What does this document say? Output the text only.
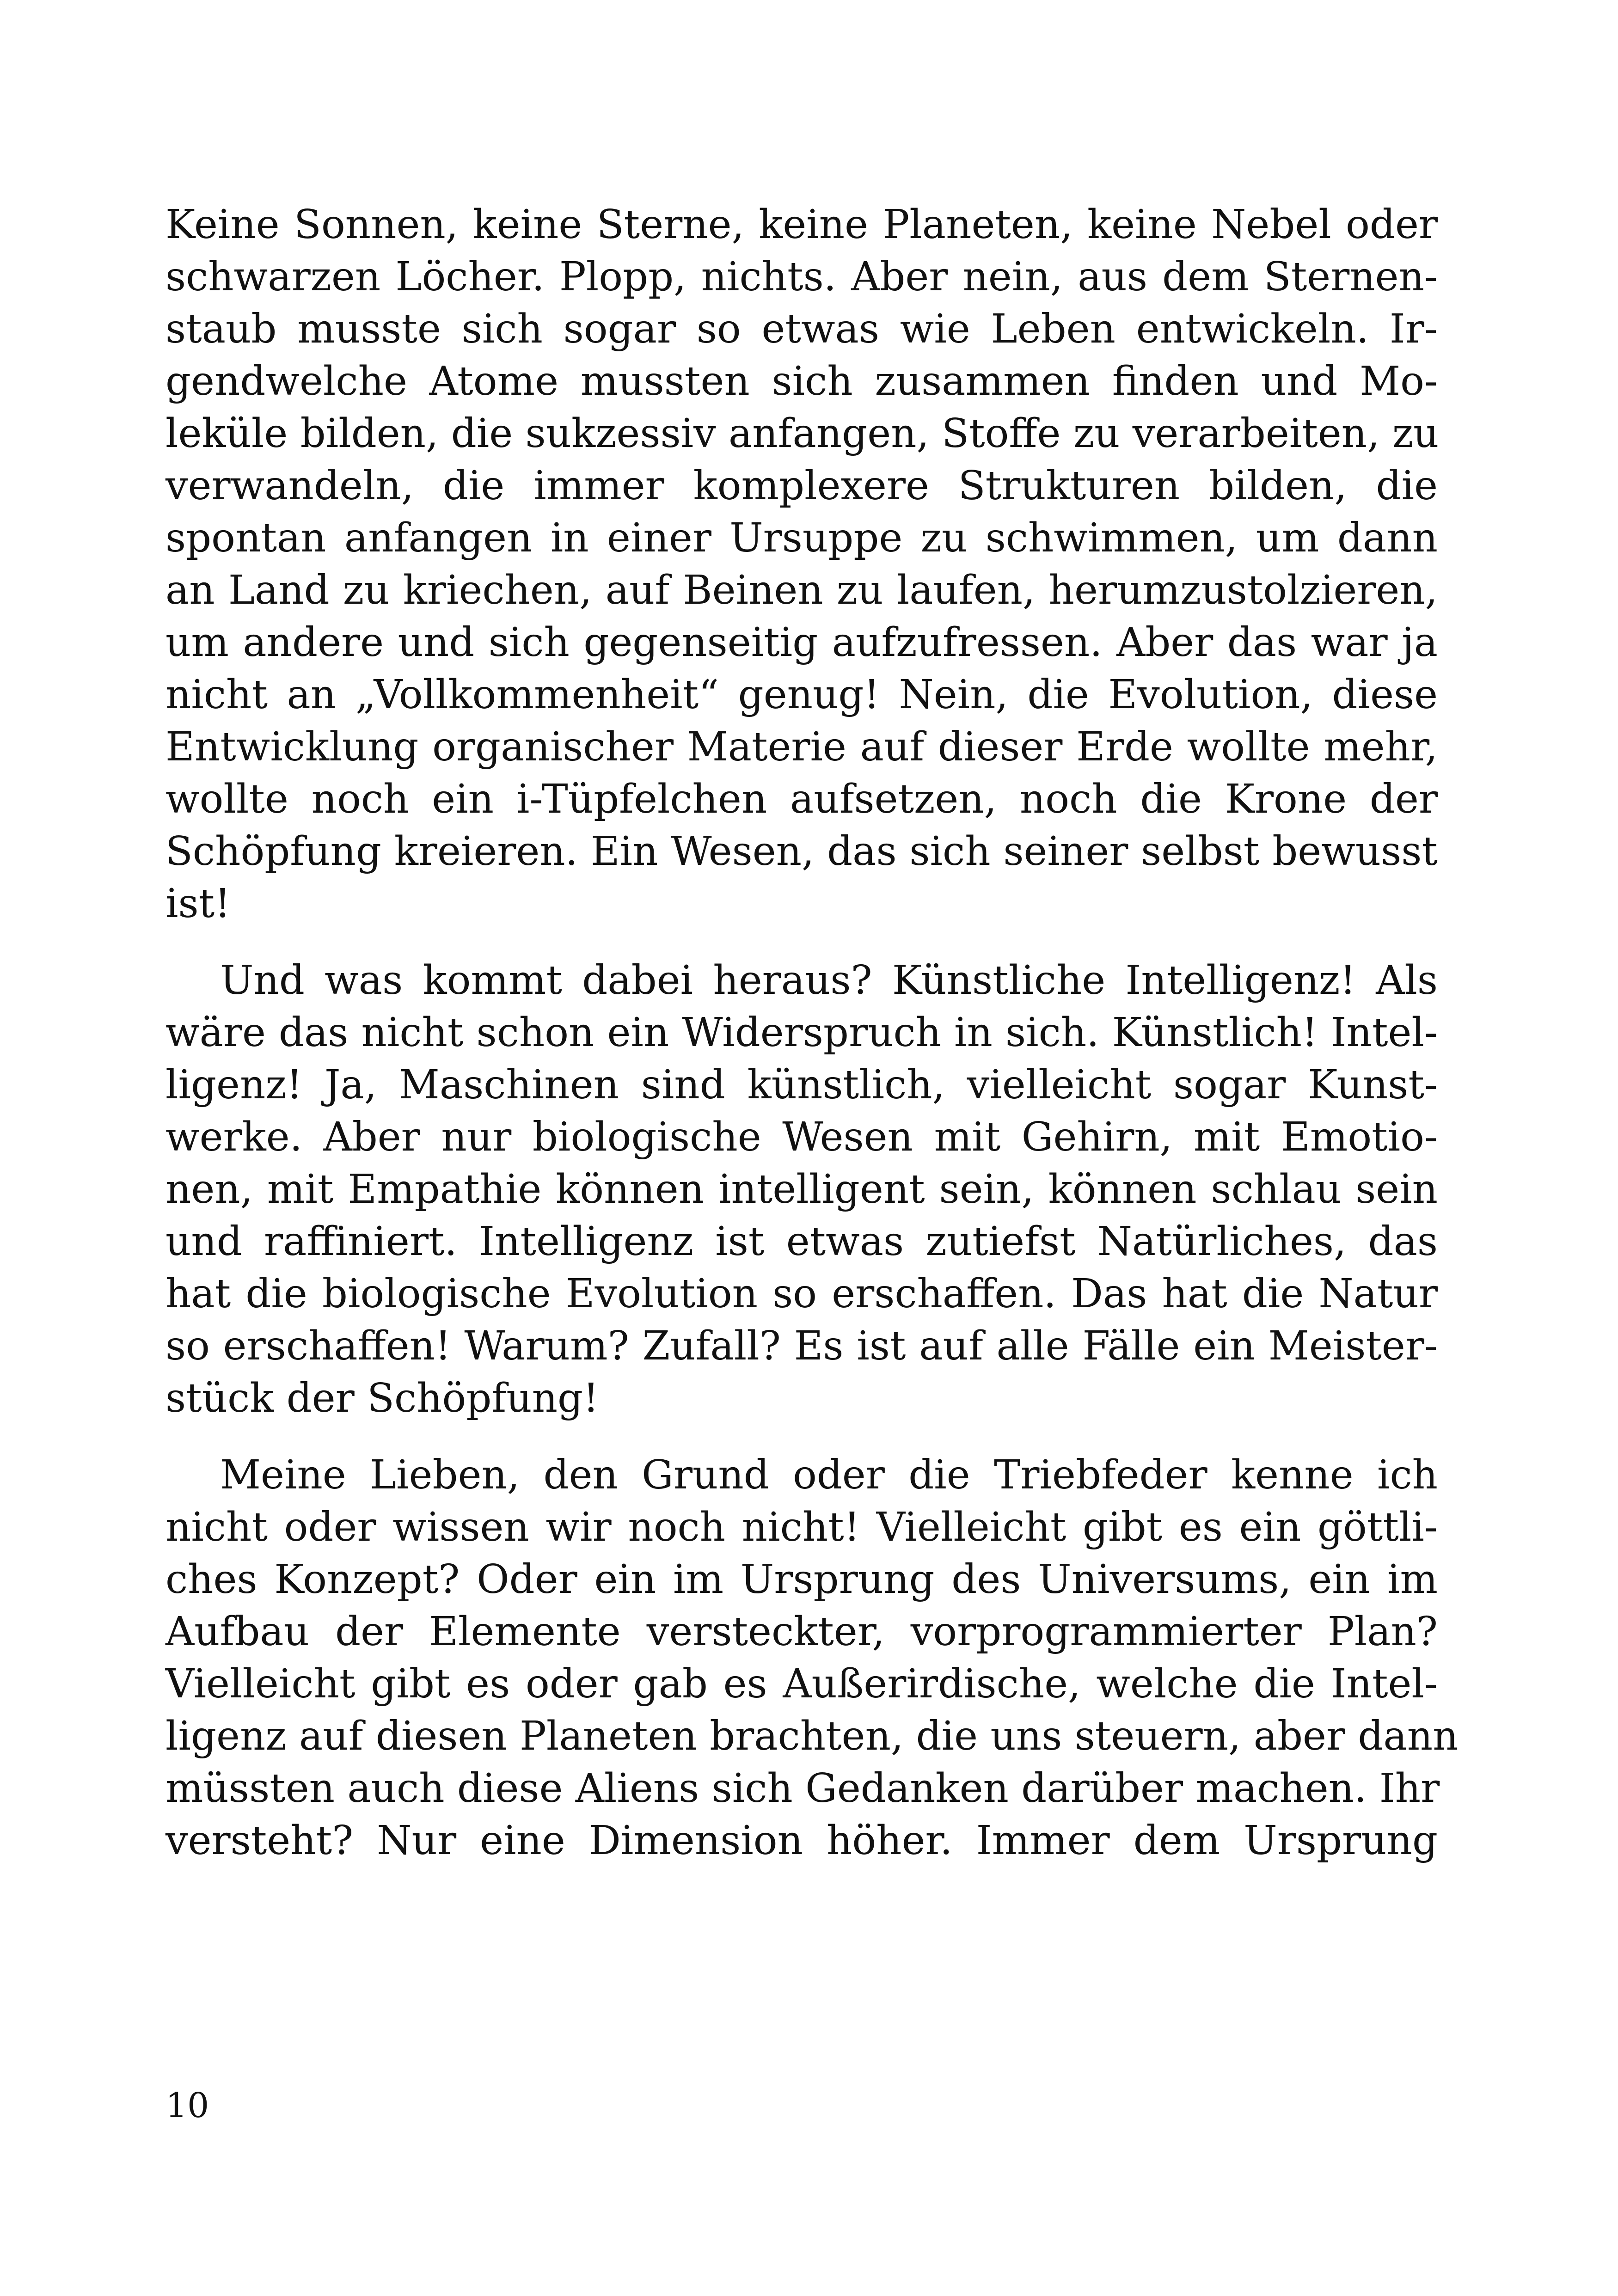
Keine Sonnen, keine Sterne, keine Planeten, keine Nebel oder
schwarzen Löcher. Plopp, nichts. Aber nein, aus dem Sternen-
staub musste sich sogar so etwas wie Leben entwickeln. Ir-
gendwelche Atome mussten sich zusammen finden und Mo-
leküle bilden, die sukzessiv anfangen, Stoffe zu verarbeiten, zu
verwandeln, die immer komplexere Strukturen bilden, die
spontan anfangen in einer Ursuppe zu schwimmen, um dann
an Land zu kriechen, auf Beinen zu laufen, herumzustolzieren,
um andere und sich gegenseitig aufzufressen. Aber das war ja
nicht an „Vollkommenheit“ genug! Nein, die Evolution, diese
Entwicklung organischer Materie auf dieser Erde wollte mehr,
wollte noch ein i-Tüpfelchen aufsetzen, noch die Krone der
Schöpfung kreieren. Ein Wesen, das sich seiner selbst bewusst
ist!

Und was kommt dabei heraus? Künstliche Intelligenz! Als
wäre das nicht schon ein Widerspruch in sich. Künstlich! Intel-
ligenz! Ja, Maschinen sind künstlich, vielleicht sogar Kunst-
werke. Aber nur biologische Wesen mit Gehirn, mit Emotio-
nen, mit Empathie können intelligent sein, können schlau sein
und raffiniert. Intelligenz ist etwas zutiefst Natürliches, das
hat die biologische Evolution so erschaffen. Das hat die Natur
so erschaffen! Warum? Zufall? Es ist auf alle Fälle ein Meister-
stück der Schöpfung!

Meine Lieben, den Grund oder die Triebfeder kenne ich
nicht oder wissen wir noch nicht! Vielleicht gibt es ein göttli-
ches Konzept? Oder ein im Ursprung des Universums, ein im
Aufbau der Elemente versteckter, vorprogrammierter Plan?
Vielleicht gibt es oder gab es Außerirdische, welche die Intel-
ligenz auf diesen Planeten brachten, die uns steuern, aber dann
müssten auch diese Aliens sich Gedanken darüber machen. Ihr
versteht? Nur eine Dimension höher. Immer dem Ursprung

10
